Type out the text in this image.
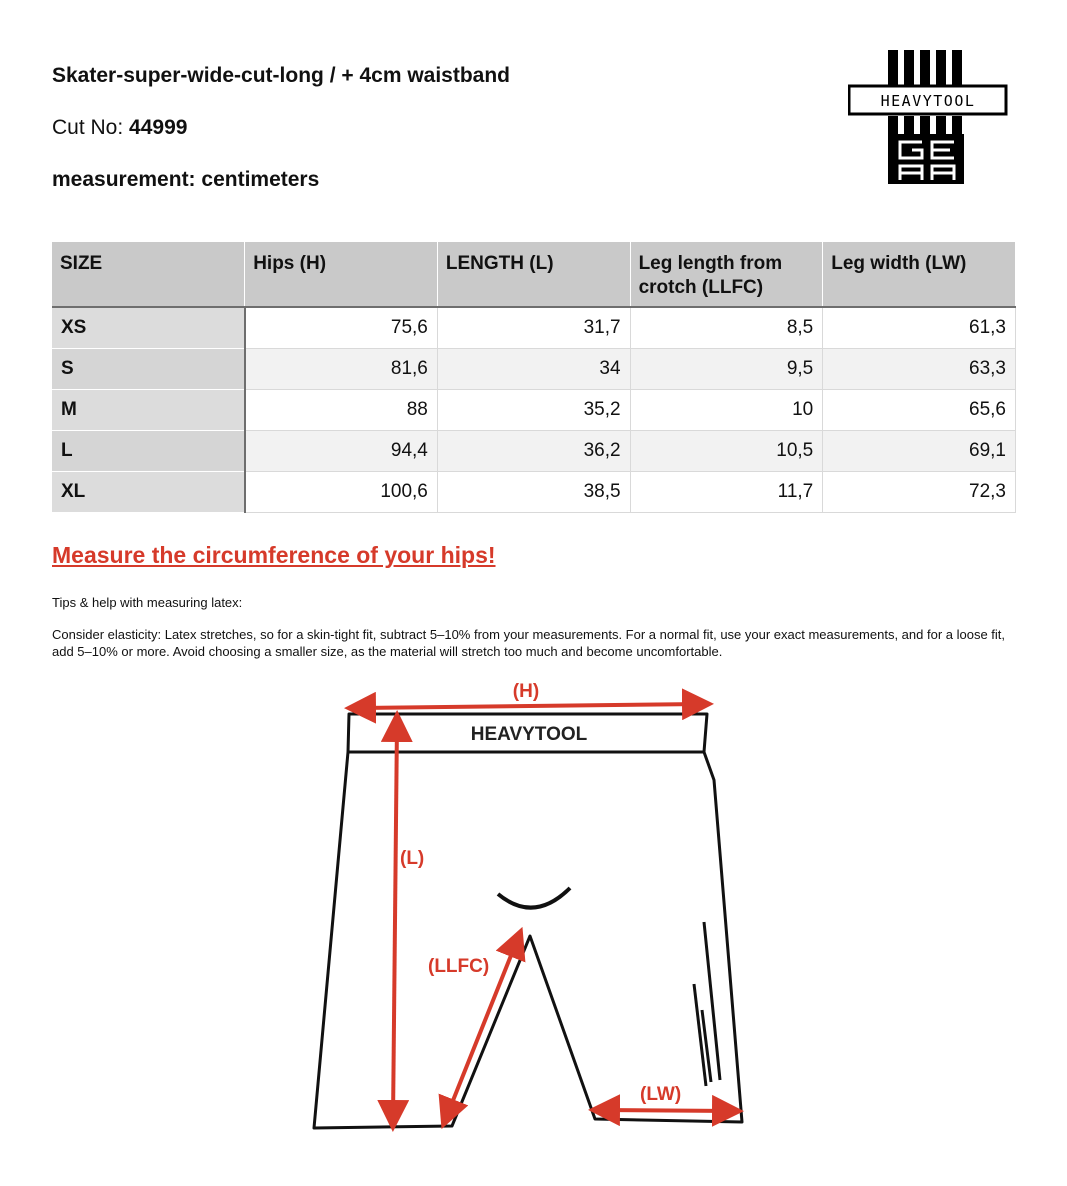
Skater-super-wide-cut-long / + 4cm waistband
Cut No: 44999
measurement: centimeters
HEAVYTOOL
SIZE	Hips (H)	LENGTH (L)	Leg length from crotch (LLFC)	Leg width (LW)
XS	75,6	31,7	8,5	61,3
S	81,6	34	9,5	63,3
M	88	35,2	10	65,6
L	94,4	36,2	10,5	69,1
XL	100,6	38,5	11,7	72,3
Measure the circumference of your hips!
Tips & help with measuring latex:
Consider elasticity: Latex stretches, so for a skin-tight fit, subtract 5–10% from your measurements. For a normal fit, use your exact measurements, and for a loose fit, add 5–10% or more. Avoid choosing a smaller size, as the material will stretch too much and become uncomfortable.
HEAVYTOOL
(H)
(L)
(LLFC)
(LW)
